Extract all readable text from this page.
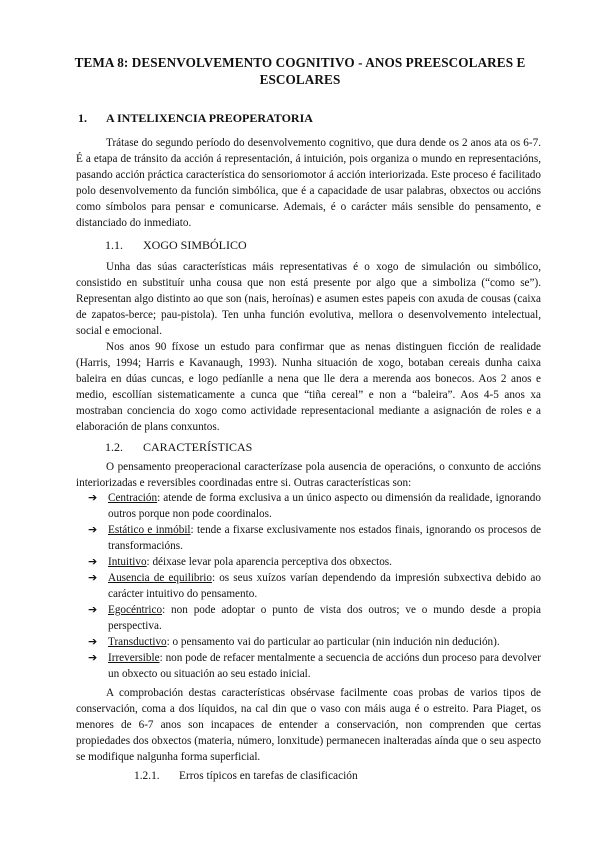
TEMA 8: DESENVOLVEMENTO COGNITIVO - ANOS PREESCOLARES E ESCOLARES
1. A INTELIXENCIA PREOPERATORIA

Trátase do segundo período do desenvolvemento cognitivo, que dura dende os 2 anos ata os 6-7. É a etapa de tránsito da acción á representación, á intuición, pois organiza o mundo en representacións, pasando acción práctica característica do sensoriomotor á acción interiorizada. Este proceso é facilitado polo desenvolvemento da función simbólica, que é a capacidade de usar palabras, obxectos ou accións como símbolos para pensar e comunicarse. Ademais, é o carácter máis sensible do pensamento, e distanciado do inmediato.

1.1. XOGO SIMBÓLICO

Unha das súas características máis representativas é o xogo de simulación ou simbólico, consistido en substituír unha cousa que non está presente por algo que a simboliza (“como se”). Representan algo distinto ao que son (nais, heroínas) e asumen estes papeis con axuda de cousas (caixa de zapatos-berce; pau-pistola). Ten unha función evolutiva, mellora o desenvolvemento intelectual, social e emocional.

Nos anos 90 fíxose un estudo para confirmar que as nenas distinguen ficción de realidade (Harris, 1994; Harris e Kavanaugh, 1993). Nunha situación de xogo, botaban cereais dunha caixa baleira en dúas cuncas, e logo pedíanlle a nena que lle dera a merenda aos bonecos. Aos 2 anos e medio, escollían sistematicamente a cunca que “tiña cereal” e non a “baleira”. Aos 4-5 anos xa mostraban conciencia do xogo como actividade representacional mediante a asignación de roles e a elaboración de plans conxuntos.

1.2. CARACTERÍSTICAS

O pensamento preoperacional caracterízase pola ausencia de operacións, o conxunto de accións interiorizadas e reversibles coordinadas entre si. Outras características son:

➔ Centración: atende de forma exclusiva a un único aspecto ou dimensión da realidade, ignorando outros porque non pode coordinalos.
➔ Estático e inmóbil: tende a fixarse exclusivamente nos estados finais, ignorando os procesos de transformacións.
➔ Intuitivo: déixase levar pola aparencia perceptiva dos obxectos.
➔ Ausencia de equilibrio: os seus xuízos varían dependendo da impresión subxectiva debido ao carácter intuitivo do pensamento.
➔ Egocéntrico: non pode adoptar o punto de vista dos outros; ve o mundo desde a propia perspectiva.
➔ Transductivo: o pensamento vai do particular ao particular (nin indución nin dedución).
➔ Irreversible: non pode de refacer mentalmente a secuencia de accións dun proceso para devolver un obxecto ou situación ao seu estado inicial.

A comprobación destas características obsérvase facilmente coas probas de varios tipos de conservación, coma a dos líquidos, na cal din que o vaso con máis auga é o estreito. Para Piaget, os menores de 6-7 anos son incapaces de entender a conservación, non comprenden que certas propiedades dos obxectos (materia, número, lonxitude) permanecen inalteradas aínda que o seu aspecto se modifique nalgunha forma superficial.

1.2.1. Erros típicos en tarefas de clasificación
